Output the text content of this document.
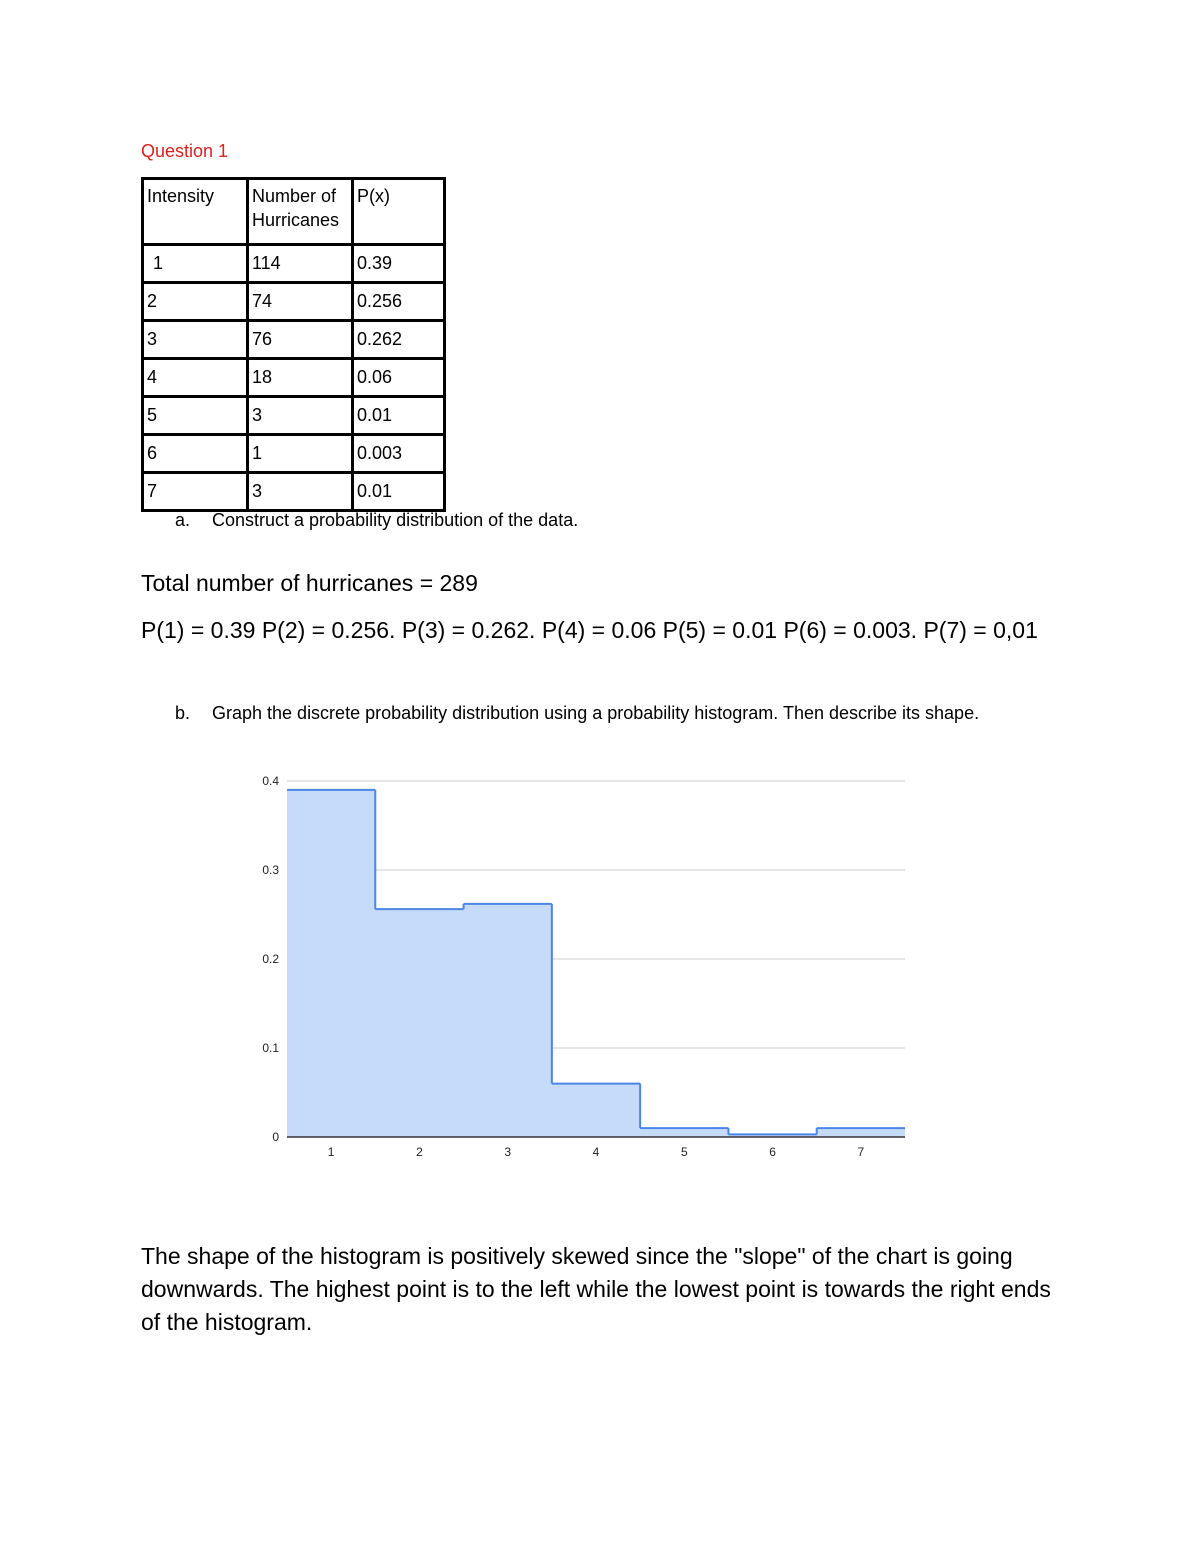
Question 1
Intensity	Number of Hurricanes	P(x)
1	114	0.39
2	74	0.256
3	76	0.262
4	18	0.06
5	3	0.01
6	1	0.003
7	3	0.01
a. Construct a probability distribution of the data.
Total number of hurricanes = 289
P(1) = 0.39 P(2) = 0.256. P(3) = 0.262. P(4) = 0.06 P(5) = 0.01 P(6) = 0.003. P(7) = 0,01
b. Graph the discrete probability distribution using a probability histogram. Then describe its shape.
0
0.1
0.2
0.3
0.4
1	2	3	4	5	6	7
The shape of the histogram is positively skewed since the "slope" of the chart is going downwards. The highest point is to the left while the lowest point is towards the right ends of the histogram.
